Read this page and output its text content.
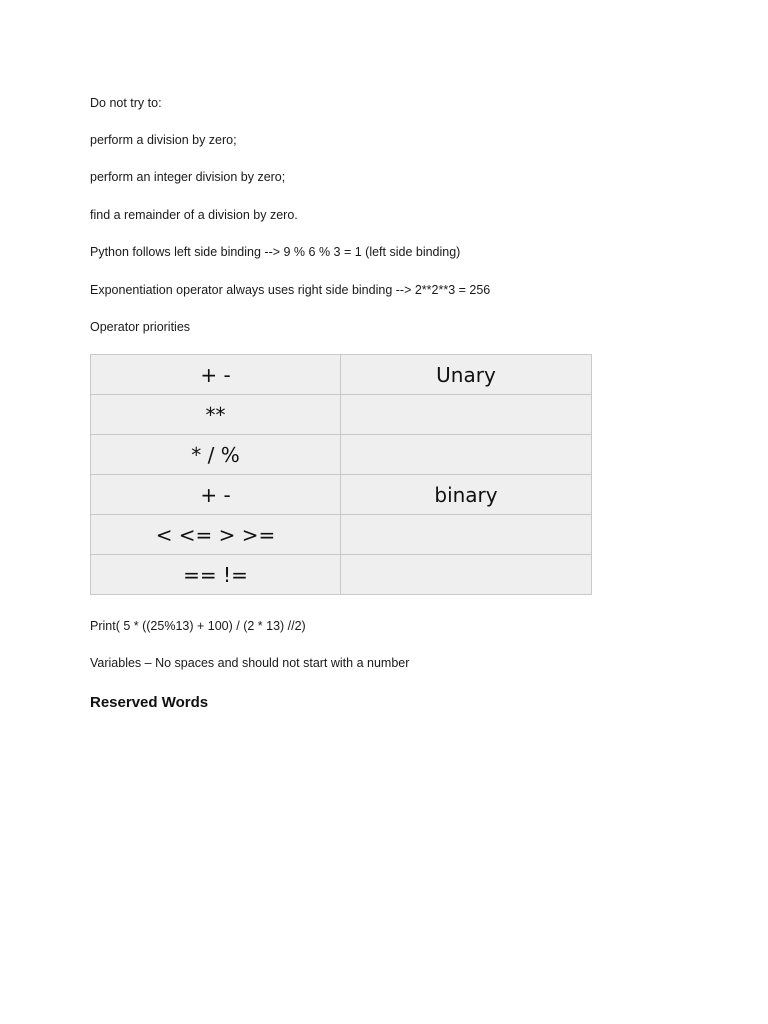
Do not try to:
perform a division by zero;
perform an integer division by zero;
find a remainder of a division by zero.
Python follows left side binding --> 9 % 6 % 3 = 1 (left side binding)
Exponentiation operator always uses right side binding --> 2**2**3 = 256
Operator priorities
+ -	Unary
**	
* / %	
+ -	binary
< <= > >=	
== !=	
Print( 5 * ((25%13) + 100) / (2 * 13) //2)
Variables – No spaces and should not start with a number
Reserved Words
